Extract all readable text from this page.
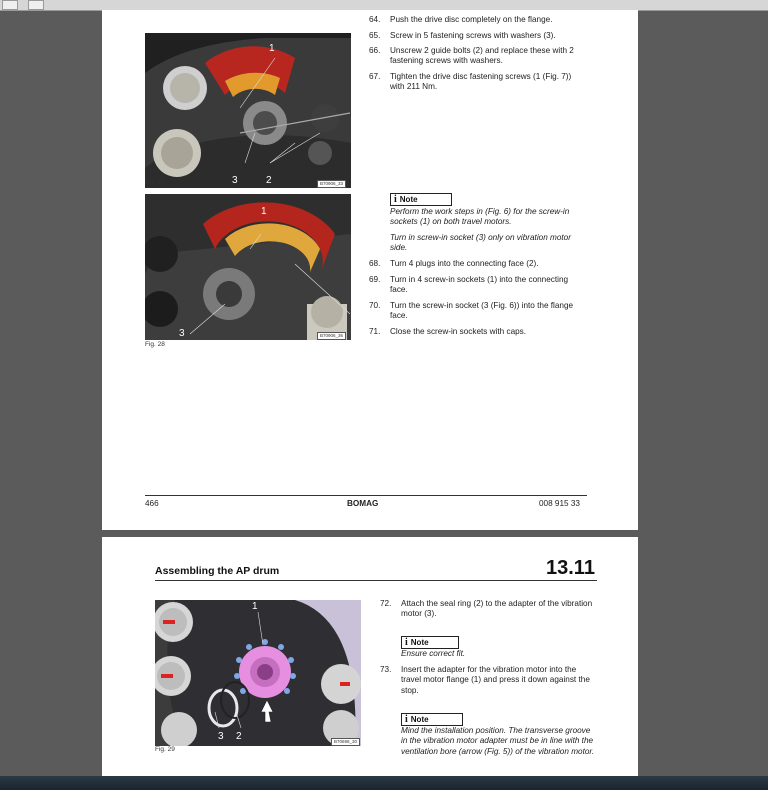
1
3	2	B70906_33
Fig. 27
1
3	B70906_36
Fig. 28
64.	Push the drive disc completely on the flange.
65.	Screw in 5 fastening screws with washers (3).
66.	Unscrew 2 guide bolts (2) and replace these with 2 fastening screws with washers.
67.	Tighten the drive disc fastening screws (1 (Fig. 7)) with 211 Nm.
i Note
Perform the work steps in (Fig. 6) for the screw-in sockets (1) on both travel motors.
Turn in screw-in socket (3) only on vibration motor side.
68.	Turn 4 plugs into the connecting face (2).
69.	Turn in 4 screw-in sockets (1) into the connecting face.
70.	Turn the screw-in socket (3 (Fig. 6)) into the flange face.
71.	Close the screw-in sockets with caps.
466	BOMAG	008 915 33
Assembling the AP drum	13.11
1
3 2	B70696_30
Fig. 29
72.	Attach the seal ring (2) to the adapter of the vibration motor (3).
i Note
Ensure correct fit.
73.	Insert the adapter for the vibration motor into the travel motor flange (1) and press it down against the stop.
i Note
Mind the installation position. The transverse groove in the vibration motor adapter must be in line with the ventilation bore (arrow (Fig. 5)) of the vibration motor.
